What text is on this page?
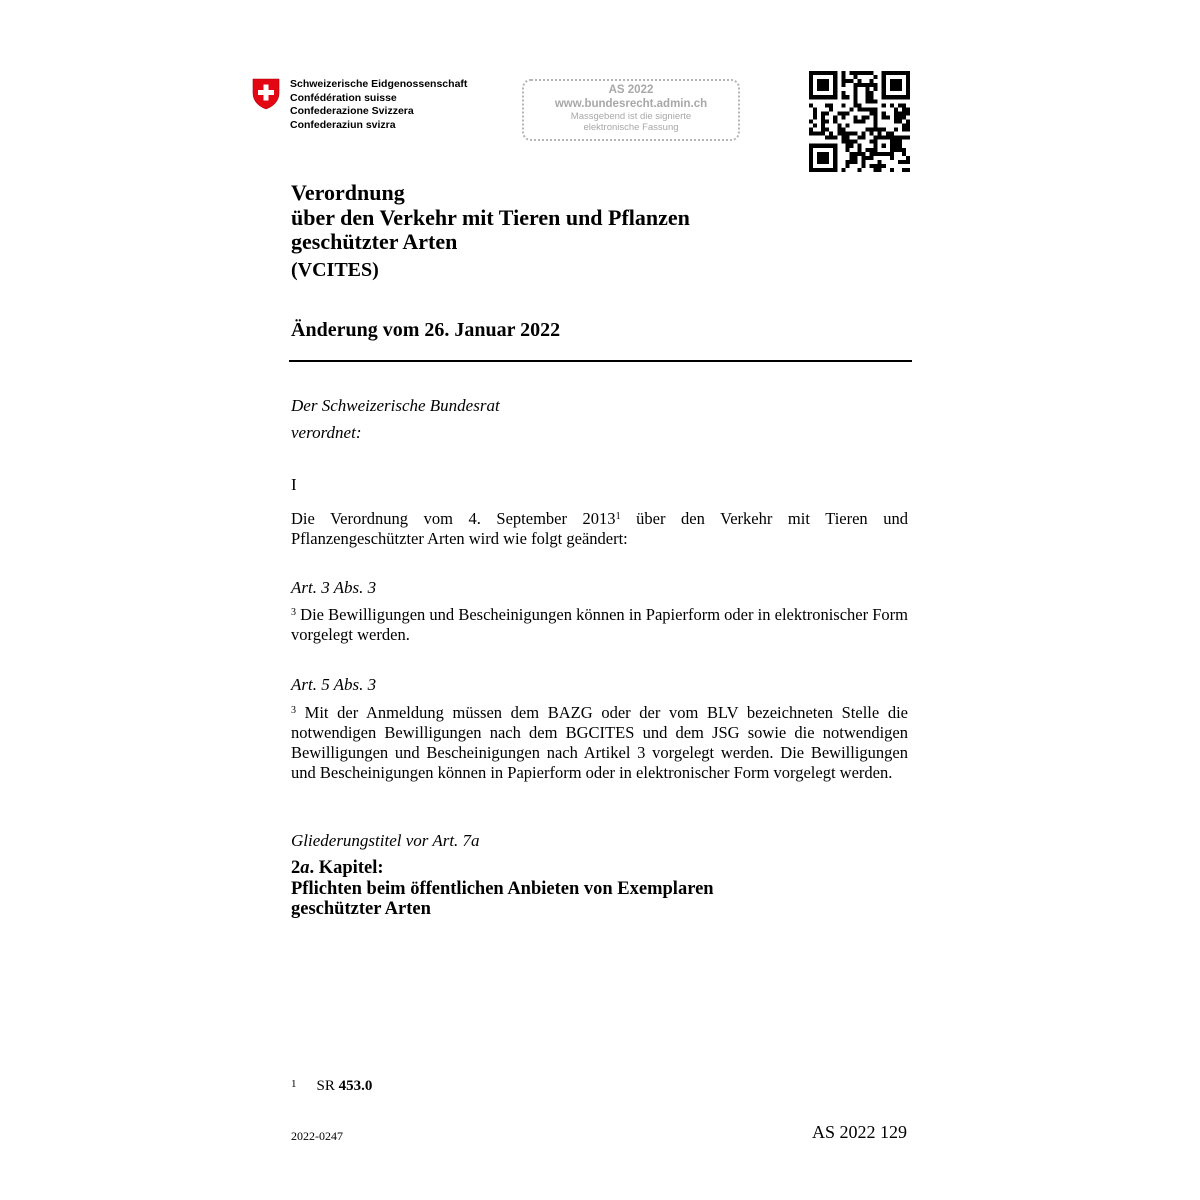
Schweizerische Eidgenossenschaft
Confédération suisse
Confederazione Svizzera
Confederaziun svizra
AS 2022
www.bundesrecht.admin.ch
Massgebend ist die signierte
elektronische Fassung
Verordnung
über den Verkehr mit Tieren und Pflanzen
geschützter Arten
(VCITES)
Änderung vom 26. Januar 2022
Der Schweizerische Bundesrat
verordnet:
I
Die Verordnung vom 4. September 2013$^1$ über den Verkehr mit Tieren und Pflanzengeschützter Arten wird wie folgt geändert:
Art. 3 Abs. 3
$^3$ Die Bewilligungen und Bescheinigungen können in Papierform oder in elektronischer Form vorgelegt werden.
Art. 5 Abs. 3
$^3$ Mit der Anmeldung müssen dem BAZG oder der vom BLV bezeichneten Stelle die notwendigen Bewilligungen nach dem BGCITES und dem JSG sowie die notwendigen Bewilligungen und Bescheinigungen nach Artikel 3 vorgelegt werden. Die Bewilligungen und Bescheinigungen können in Papierform oder in elektronischer Form vorgelegt werden.
Gliederungstitel vor Art. 7a
2a. Kapitel:
Pflichten beim öffentlichen Anbieten von Exemplaren
geschützter Arten
$^1$ SR 453.0
2022-0247	AS 2022 129
